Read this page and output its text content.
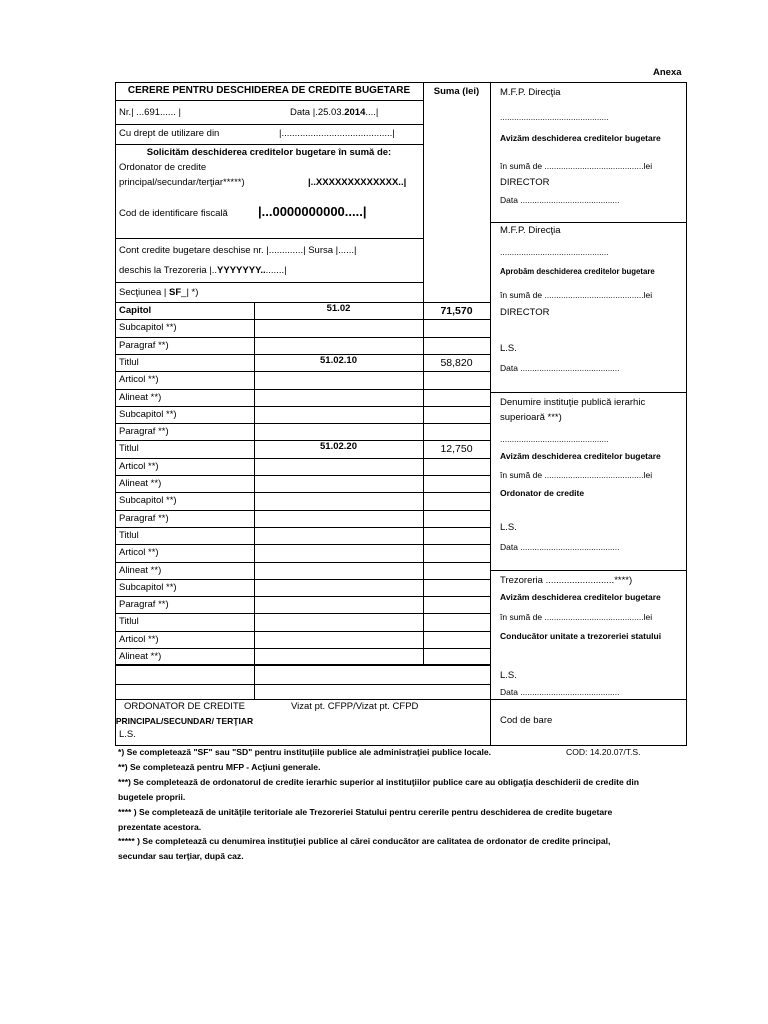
Anexa
CERERE PENTRU DESCHIDEREA DE CREDITE BUGETARE	Suma (lei)
Nr.| ...691...... |	Data |.25.03.2014....|
Cu drept de utilizare din	|..........................................|
Solicităm deschiderea creditelor bugetare în sumă de:
Ordonator de credite
principal/secundar/terţiar*****)	|..XXXXXXXXXXXXX..|
Cod de identificare fiscală |...0000000000.....|
Cont credite bugetare deschise nr. |.............| Sursa |......|
deschis la Trezoreria |..YYYYYYY.........|
Secţiunea | SF_| *)
Capitol	51.02	71,570
Subcapitol **)
Paragraf **)
Titlul	51.02.10	58,820
Articol **)
Alineat **)
Subcapitol **)
Paragraf **)
Titlul	51.02.20	12,750
Articol **)
Alineat **)
Subcapitol **)
Paragraf **)
Titlul
Articol **)
Alineat **)
Subcapitol **)
Paragraf **)
Titlul
Articol **)
Alineat **)
ORDONATOR DE CREDITE
PRINCIPAL/SECUNDAR/ TERŢIAR
L.S.
Vizat pt. CFPP/Vizat pt. CFPD
M.F.P. Direcţia
..............................................
Avizăm deschiderea creditelor bugetare
în sumă de ..........................................lei
DIRECTOR
Data ..........................................
M.F.P. Direcţia
..............................................
Aprobăm deschiderea creditelor bugetare
în sumă de ..........................................lei
DIRECTOR
L.S.
Data ..........................................
Denumire instituţie publică ierarhic
superioară ***)
..............................................
Avizăm deschiderea creditelor bugetare
în sumă de ..........................................lei
Ordonator de credite
L.S.
Data ..........................................
Trezoreria ..........................****)
Avizăm deschiderea creditelor bugetare
în sumă de ..........................................lei
Conducător unitate a trezoreriei statului
L.S.
Data ..........................................
Cod de bare
*) Se completează "SF" sau "SD" pentru instituţiile publice ale administraţiei publice locale.	COD: 14.20.07/T.S.
**) Se completează pentru MFP - Acţiuni generale.
***) Se completează de ordonatorul de credite ierarhic superior al instituţiilor publice care au obligaţia deschiderii de credite din
bugetele proprii.
**** ) Se completează de unităţile teritoriale ale Trezoreriei Statului pentru cererile pentru deschiderea de credite bugetare
prezentate acestora.
***** ) Se completează cu denumirea instituţiei publice al cărei conducător are calitatea de ordonator de credite principal,
secundar sau terţiar, după caz.
